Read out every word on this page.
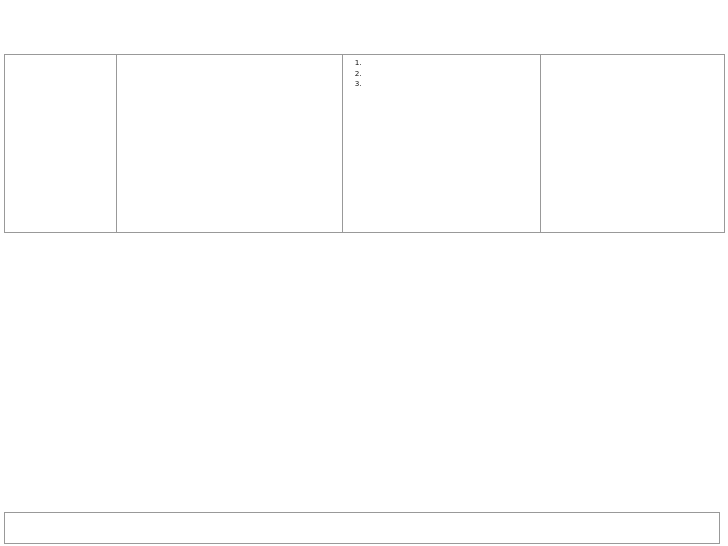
1.
2.
3.
